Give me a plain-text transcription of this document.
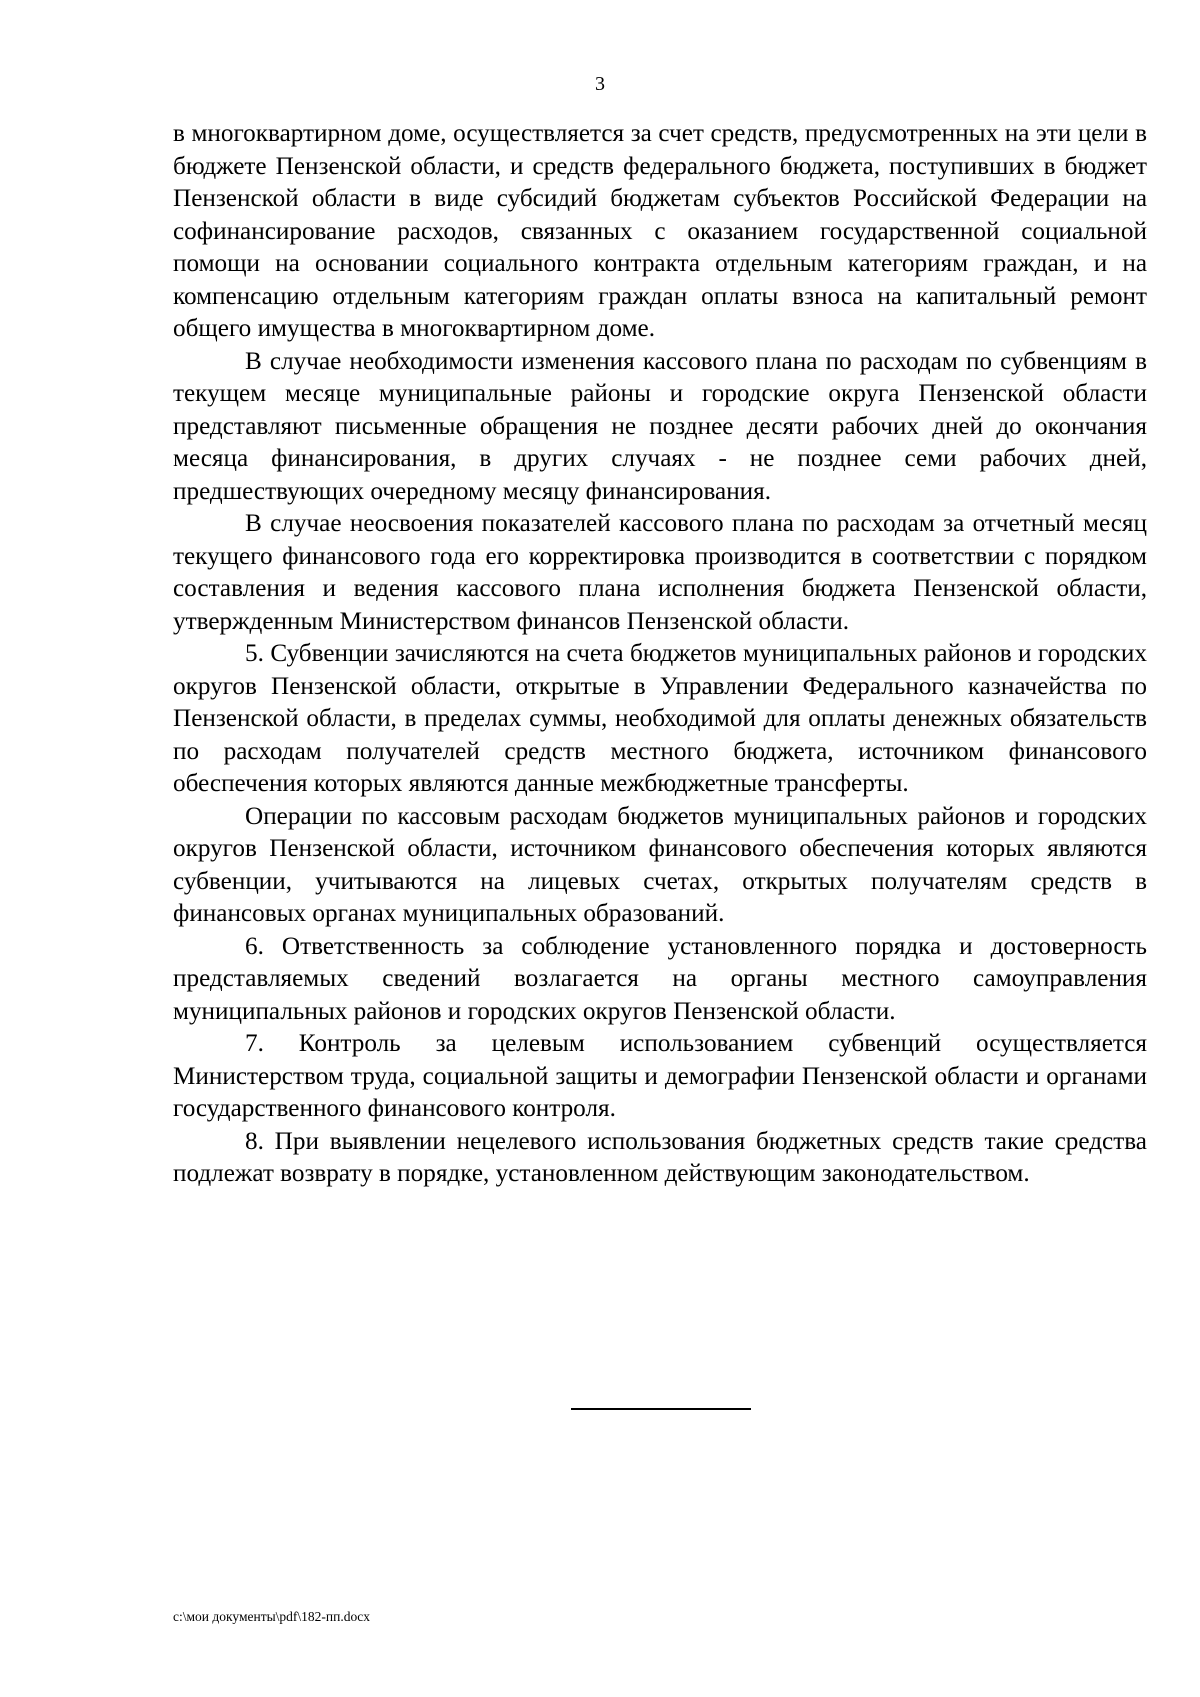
3

в многоквартирном доме, осуществляется за счет средств, предусмотренных на эти цели в бюджете Пензенской области, и средств федерального бюджета, поступивших в бюджет Пензенской области в виде субсидий бюджетам субъектов Российской Федерации на софинансирование расходов, связанных с оказанием государственной социальной помощи на основании социального контракта отдельным категориям граждан, и на компенсацию отдельным категориям граждан оплаты взноса на капитальный ремонт общего имущества в многоквартирном доме.

В случае необходимости изменения кассового плана по расходам по субвенциям в текущем месяце муниципальные районы и городские округа Пензенской области представляют письменные обращения не позднее десяти рабочих дней до окончания месяца финансирования, в других случаях - не позднее семи рабочих дней, предшествующих очередному месяцу финансирования.

В случае неосвоения показателей кассового плана по расходам за отчетный месяц текущего финансового года его корректировка производится в соответствии с порядком составления и ведения кассового плана исполнения бюджета Пензенской области, утвержденным Министерством финансов Пензенской области.

5. Субвенции зачисляются на счета бюджетов муниципальных районов и городских округов Пензенской области, открытые в Управлении Федерального казначейства по Пензенской области, в пределах суммы, необходимой для оплаты денежных обязательств по расходам получателей средств местного бюджета, источником финансового обеспечения которых являются данные межбюджетные трансферты.

Операции по кассовым расходам бюджетов муниципальных районов и городских округов Пензенской области, источником финансового обеспечения которых являются субвенции, учитываются на лицевых счетах, открытых получателям средств в финансовых органах муниципальных образований.

6. Ответственность за соблюдение установленного порядка и достоверность представляемых сведений возлагается на органы местного самоуправления муниципальных районов и городских округов Пензенской области.

7. Контроль за целевым использованием субвенций осуществляется Министерством труда, социальной защиты и демографии Пензенской области и органами государственного финансового контроля.

8. При выявлении нецелевого использования бюджетных средств такие средства подлежат возврату в порядке, установленном действующим законодательством.

c:\мои документы\pdf\182-пп.docx
